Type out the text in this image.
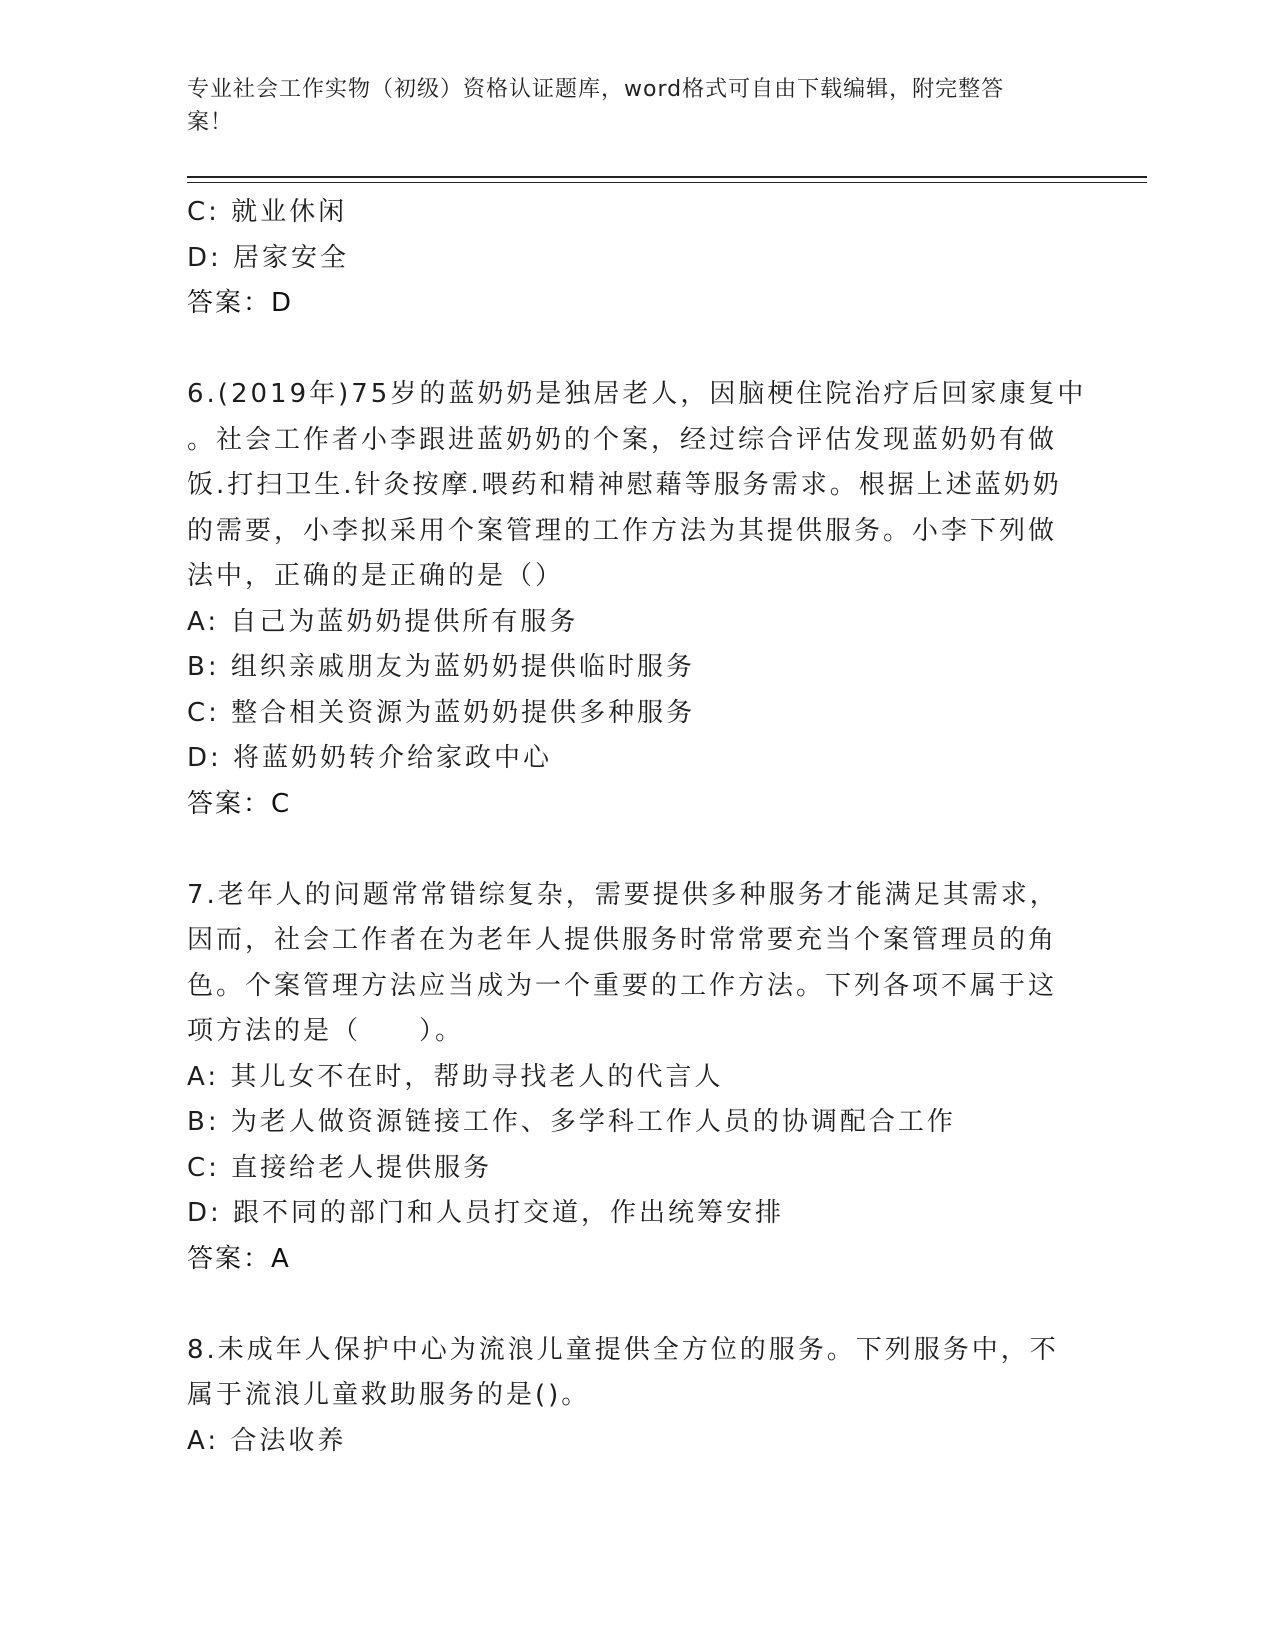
专业社会工作实物（初级）资格认证题库，word格式可自由下载编辑，附完整答
案！
C: 就业休闲
D: 居家安全
答案：D
6.(2019年)75岁的蓝奶奶是独居老人，因脑梗住院治疗后回家康复中
。社会工作者小李跟进蓝奶奶的个案，经过综合评估发现蓝奶奶有做
饭.打扫卫生.针灸按摩.喂药和精神慰藉等服务需求。根据上述蓝奶奶
的需要，小李拟采用个案管理的工作方法为其提供服务。小李下列做
法中，正确的是正确的是（）
A: 自己为蓝奶奶提供所有服务
B: 组织亲戚朋友为蓝奶奶提供临时服务
C: 整合相关资源为蓝奶奶提供多种服务
D: 将蓝奶奶转介给家政中心
答案：C
7.老年人的问题常常错综复杂，需要提供多种服务才能满足其需求，
因而，社会工作者在为老年人提供服务时常常要充当个案管理员的角
色。个案管理方法应当成为一个重要的工作方法。下列各项不属于这
项方法的是（　　）。
A: 其儿女不在时，帮助寻找老人的代言人
B: 为老人做资源链接工作、多学科工作人员的协调配合工作
C: 直接给老人提供服务
D: 跟不同的部门和人员打交道，作出统筹安排
答案：A
8.未成年人保护中心为流浪儿童提供全方位的服务。下列服务中，不
属于流浪儿童救助服务的是()。
A: 合法收养
